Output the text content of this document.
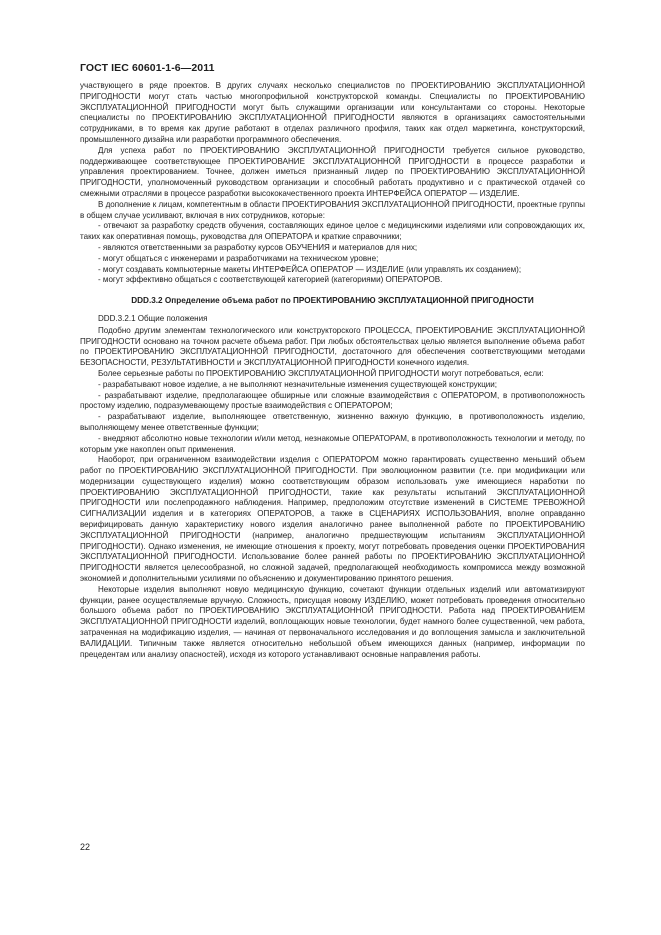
ГОСТ IEC 60601-1-6—2011

участвующего в ряде проектов. В других случаях несколько специалистов по ПРОЕКТИРОВАНИЮ ЭКСПЛУАТАЦИОННОЙ ПРИГОДНОСТИ могут стать частью многопрофильной конструкторской команды. Специалисты по ПРОЕКТИРОВАНИЮ ЭКСПЛУАТАЦИОННОЙ ПРИГОДНОСТИ могут быть служащими организации или консультантами со стороны. Некоторые специалисты по ПРОЕКТИРОВАНИЮ ЭКСПЛУАТАЦИОННОЙ ПРИГОДНОСТИ являются в организациях самостоятельными сотрудниками, в то время как другие работают в отделах различного профиля, таких как отдел маркетинга, конструкторский, промышленного дизайна или разработки программного обеспечения.

Для успеха работ по ПРОЕКТИРОВАНИЮ ЭКСПЛУАТАЦИОННОЙ ПРИГОДНОСТИ требуется сильное руководство, поддерживающее соответствующее ПРОЕКТИРОВАНИЕ ЭКСПЛУАТАЦИОННОЙ ПРИГОДНОСТИ в процессе разработки и управления проектированием. Точнее, должен иметься признанный лидер по ПРОЕКТИРОВАНИЮ ЭКСПЛУАТАЦИОННОЙ ПРИГОДНОСТИ, уполномоченный руководством организации и способный работать продуктивно и с практической отдачей со смежными отраслями в процессе разработки высококачественного проекта ИНТЕРФЕЙСА ОПЕРАТОР — ИЗДЕЛИЕ.

В дополнение к лицам, компетентным в области ПРОЕКТИРОВАНИЯ ЭКСПЛУАТАЦИОННОЙ ПРИГОДНОСТИ, проектные группы в общем случае усиливают, включая в них сотрудников, которые:

- отвечают за разработку средств обучения, составляющих единое целое с медицинскими изделиями или сопровождающих их, таких как оперативная помощь, руководства для ОПЕРАТОРА и краткие справочники;

- являются ответственными за разработку курсов ОБУЧЕНИЯ и материалов для них;

- могут общаться с инженерами и разработчиками на техническом уровне;

- могут создавать компьютерные макеты ИНТЕРФЕЙСА ОПЕРАТОР — ИЗДЕЛИЕ (или управлять их созданием);

- могут эффективно общаться с соответствующей категорией (категориями) ОПЕРАТОРОВ.

DDD.3.2 Определение объема работ по ПРОЕКТИРОВАНИЮ ЭКСПЛУАТАЦИОННОЙ ПРИГОДНОСТИ

DDD.3.2.1 Общие положения

Подобно другим элементам технологического или конструкторского ПРОЦЕССА, ПРОЕКТИРОВАНИЕ ЭКСПЛУАТАЦИОННОЙ ПРИГОДНОСТИ основано на точном расчете объема работ. При любых обстоятельствах целью является выполнение объема работ по ПРОЕКТИРОВАНИЮ ЭКСПЛУАТАЦИОННОЙ ПРИГОДНОСТИ, достаточного для обеспечения соответствующими методами БЕЗОПАСНОСТИ, РЕЗУЛЬТАТИВНОСТИ и ЭКСПЛУАТАЦИОННОЙ ПРИГОДНОСТИ конечного изделия.

Более серьезные работы по ПРОЕКТИРОВАНИЮ ЭКСПЛУАТАЦИОННОЙ ПРИГОДНОСТИ могут потребоваться, если:

- разрабатывают новое изделие, а не выполняют незначительные изменения существующей конструкции;

- разрабатывают изделие, предполагающее обширные или сложные взаимодействия с ОПЕРАТОРОМ, в противоположность простому изделию, подразумевающему простые взаимодействия с ОПЕРАТОРОМ;

- разрабатывают изделие, выполняющее ответственную, жизненно важную функцию, в противоположность изделию, выполняющему менее ответственные функции;

- внедряют абсолютно новые технологии и/или метод, незнакомые ОПЕРАТОРАМ, в противоположность технологии и методу, по которым уже накоплен опыт применения.

Наоборот, при ограниченном взаимодействии изделия с ОПЕРАТОРОМ можно гарантировать существенно меньший объем работ по ПРОЕКТИРОВАНИЮ ЭКСПЛУАТАЦИОННОЙ ПРИГОДНОСТИ. При эволюционном развитии (т.е. при модификации или модернизации существующего изделия) можно соответствующим образом использовать уже имеющиеся наработки по ПРОЕКТИРОВАНИЮ ЭКСПЛУАТАЦИОННОЙ ПРИГОДНОСТИ, такие как результаты испытаний ЭКСПЛУАТАЦИОННОЙ ПРИГОДНОСТИ или послепродажного наблюдения. Например, предположим отсутствие изменений в СИСТЕМЕ ТРЕВОЖНОЙ СИГНАЛИЗАЦИИ изделия и в категориях ОПЕРАТОРОВ, а также в СЦЕНАРИЯХ ИСПОЛЬЗОВАНИЯ, вполне оправданно верифицировать данную характеристику нового изделия аналогично ранее выполненной работе по ПРОЕКТИРОВАНИЮ ЭКСПЛУАТАЦИОННОЙ ПРИГОДНОСТИ (например, аналогично предшествующим испытаниям ЭКСПЛУАТАЦИОННОЙ ПРИГОДНОСТИ). Однако изменения, не имеющие отношения к проекту, могут потребовать проведения оценки ПРОЕКТИРОВАНИЯ ЭКСПЛУАТАЦИОННОЙ ПРИГОДНОСТИ. Использование более ранней работы по ПРОЕКТИРОВАНИЮ ЭКСПЛУАТАЦИОННОЙ ПРИГОДНОСТИ является целесообразной, но сложной задачей, предполагающей необходимость компромисса между возможной экономией и дополнительными усилиями по объяснению и документированию принятого решения.

Некоторые изделия выполняют новую медицинскую функцию, сочетают функции отдельных изделий или автоматизируют функции, ранее осуществляемые вручную. Сложность, присущая новому ИЗДЕЛИЮ, может потребовать проведения относительно большого объема работ по ПРОЕКТИРОВАНИЮ ЭКСПЛУАТАЦИОННОЙ ПРИГОДНОСТИ. Работа над ПРОЕКТИРОВАНИЕМ ЭКСПЛУАТАЦИОННОЙ ПРИГОДНОСТИ изделий, воплощающих новые технологии, будет намного более существенной, чем работа, затраченная на модификацию изделия, — начиная от первоначального исследования и до воплощения замысла и заключительной ВАЛИДАЦИИ. Типичным также является относительно небольшой объем имеющихся данных (например, информации по прецедентам или анализу опасностей), исходя из которого устанавливают основные направления работы.

22
